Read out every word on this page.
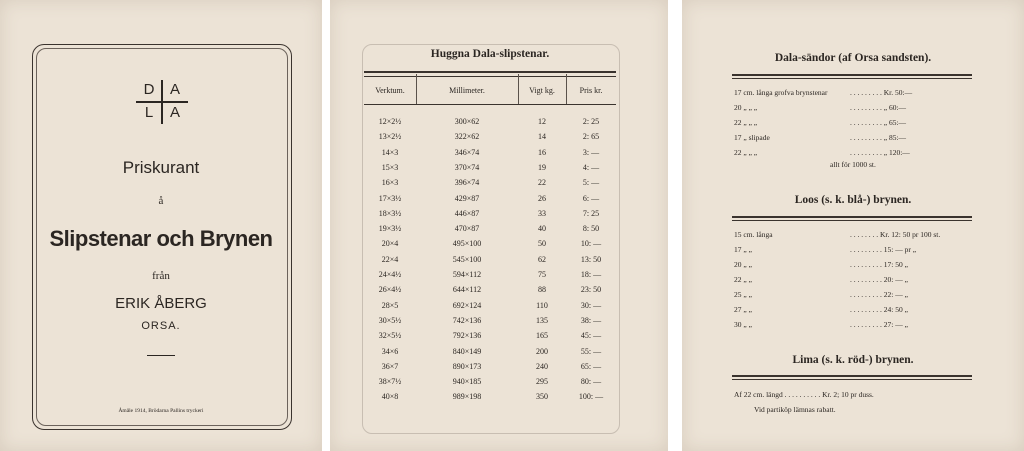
D	A
L	A
Priskurant
å
Slipstenar och Brynen
från
ERIK ÅBERG
ORSA.
Åmåle 1914, Brödarna Pallins tryckeri
Huggna Dala-slipstenar.
Verktum.	Millimeter.	Vigt kg.	Pris kr.
12×2½	300×62	12	2: 25
13×2½	322×62	14	2: 65
14×3	346×74	16	3: —
15×3	370×74	19	4: —
16×3	396×74	22	5: —
17×3½	429×87	26	6: —
18×3½	446×87	33	7: 25
19×3½	470×87	40	8: 50
20×4	495×100	50	10: —
22×4	545×100	62	13: 50
24×4½	594×112	75	18: —
26×4½	644×112	88	23: 50
28×5	692×124	110	30: —
30×5½	742×136	135	38: —
32×5½	792×136	165	45: —
34×6	840×149	200	55: —
36×7	890×173	240	65: —
38×7½	940×185	295	80: —
40×8	989×198	350	100: —
Dala-sändor (af Orsa sandsten).
17 cm. långa grofva brynstenar	. . . . . . . . . Kr. 50:—
20 „ „ „	. . . . . . . . . „ 60:—
22 „ „ „	. . . . . . . . . „ 65:—
17 „ slipade	. . . . . . . . . „ 85:—
22 „ „ „	. . . . . . . . . „ 120:—
allt för 1000 st.
Loos (s. k. blå-) brynen.
15 cm. långa	. . . . . . . . Kr. 12: 50 pr 100 st.
17 „ „	. . . . . . . . . 15: — pr „
20 „ „	. . . . . . . . . 17: 50 „
22 „ „	. . . . . . . . . 20: — „
25 „ „	. . . . . . . . . 22: — „
27 „ „	. . . . . . . . . 24: 50 „
30 „ „	. . . . . . . . . 27: — „
Lima (s. k. röd-) brynen.
Af 22 cm. längd . . . . . . . . . . Kr. 2; 10 pr duss.
Vid partiköp lämnas rabatt.
